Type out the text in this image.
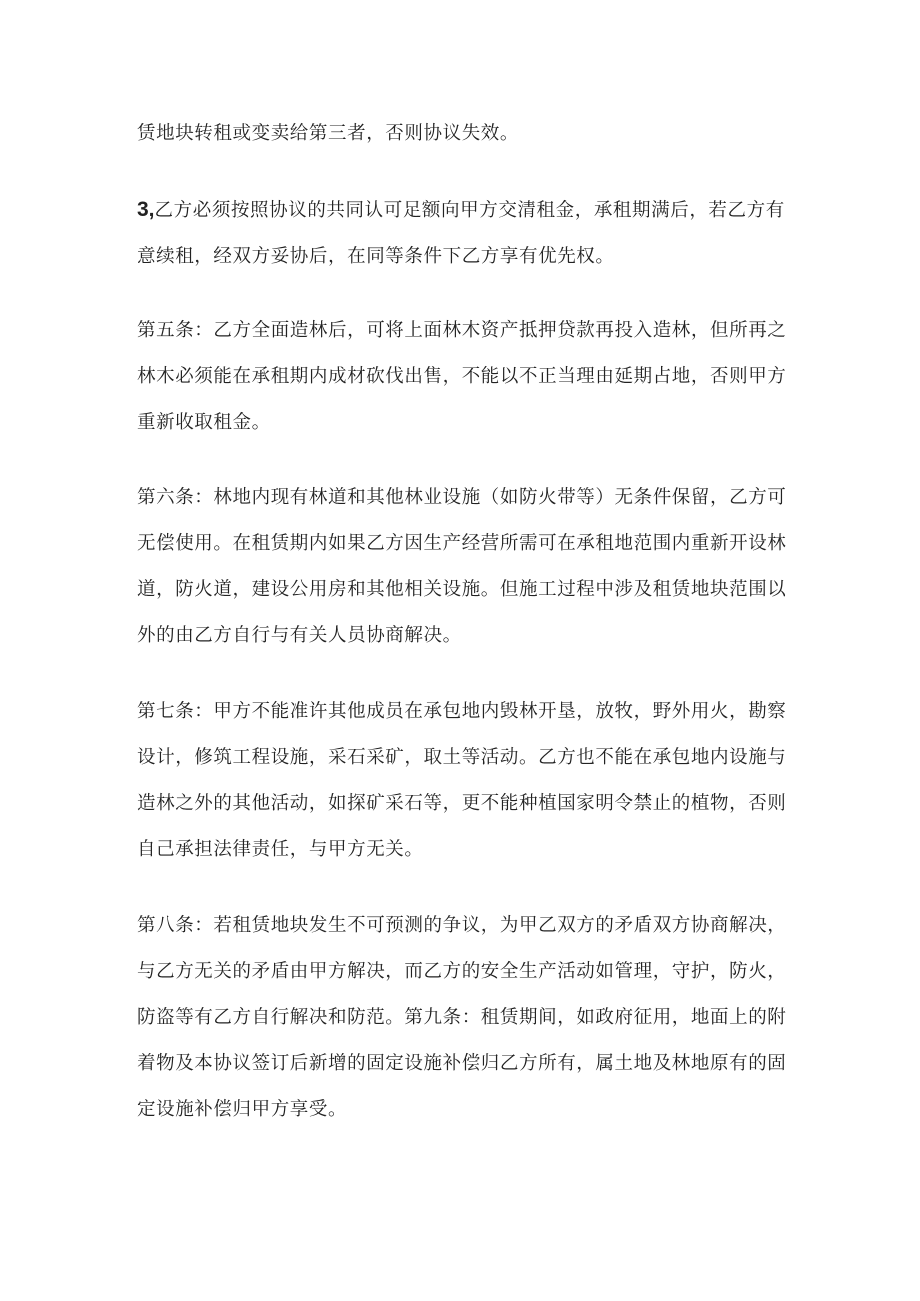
赁地块转租或变卖给第三者，否则协议失效。

3,乙方必须按照协议的共同认可足额向甲方交清租金，承租期满后，若乙方有
意续租，经双方妥协后，在同等条件下乙方享有优先权。

第五条：乙方全面造林后，可将上面林木资产抵押贷款再投入造林，但所再之
林木必须能在承租期内成材砍伐出售，不能以不正当理由延期占地，否则甲方
重新收取租金。

第六条：林地内现有林道和其他林业设施（如防火带等）无条件保留，乙方可
无偿使用。在租赁期内如果乙方因生产经营所需可在承租地范围内重新开设林
道，防火道，建设公用房和其他相关设施。但施工过程中涉及租赁地块范围以
外的由乙方自行与有关人员协商解决。

第七条：甲方不能准许其他成员在承包地内毁林开垦，放牧，野外用火，勘察
设计，修筑工程设施，采石采矿，取土等活动。乙方也不能在承包地内设施与
造林之外的其他活动，如探矿采石等，更不能种植国家明令禁止的植物，否则
自己承担法律责任，与甲方无关。

第八条：若租赁地块发生不可预测的争议，为甲乙双方的矛盾双方协商解决，
与乙方无关的矛盾由甲方解决，而乙方的安全生产活动如管理，守护，防火，
防盗等有乙方自行解决和防范。第九条：租赁期间，如政府征用，地面上的附
着物及本协议签订后新增的固定设施补偿归乙方所有，属土地及林地原有的固
定设施补偿归甲方享受。
